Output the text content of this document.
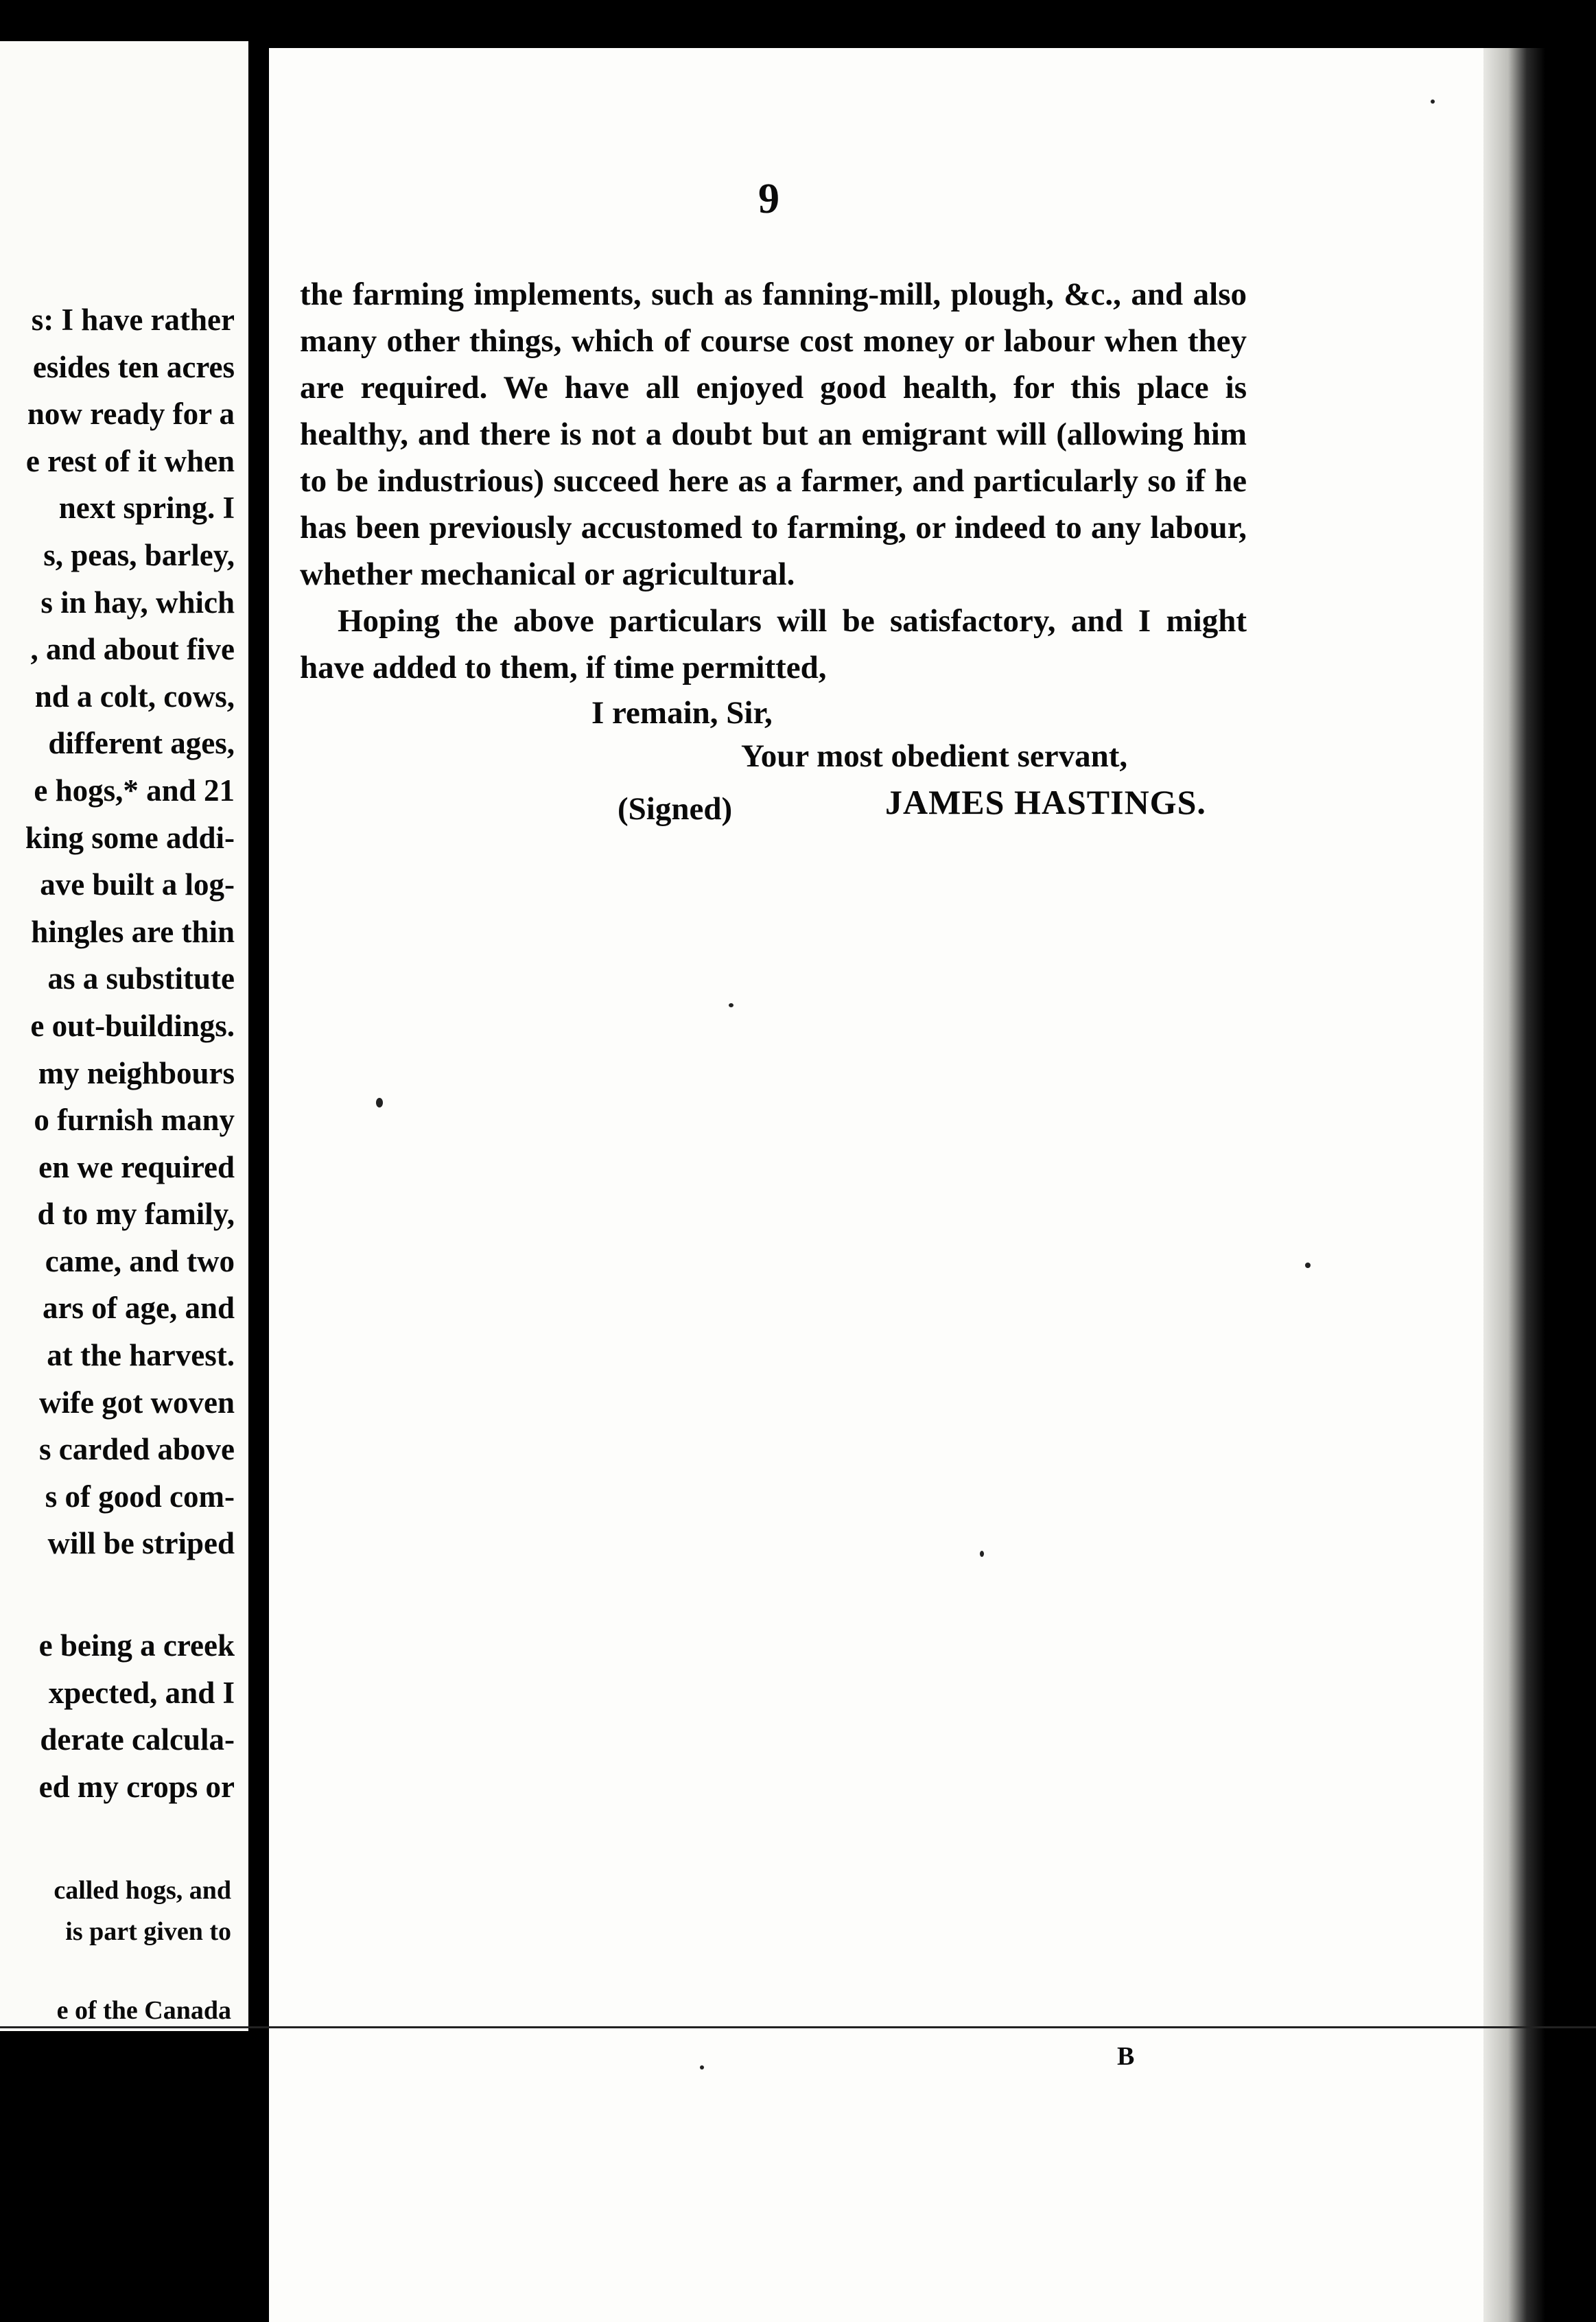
s: I have rather
esides ten acres
now ready for a
e rest of it when
next spring. I
s, peas, barley,
s in hay, which
, and about five
nd a colt, cows,
different ages,
e hogs,* and 21
king some addi-
ave built a log-
hingles are thin
as a substitute
e out-buildings.
my neighbours
o furnish many
en we required
d to my family,
came, and two
ars of age, and
at the harvest.
wife got woven
s carded above
s of good com-
will be striped
e being a creek
xpected, and I
derate calcula-
ed my crops or
called hogs, and
is part given to
e of the Canada
9

the farming implements, such as fanning-mill, plough, &c., and also many other things, which of course cost money or labour when they are required. We have all enjoyed good health, for this place is healthy, and there is not a doubt but an emigrant will (allowing him to be industrious) succeed here as a farmer, and particularly so if he has been previously accustomed to farming, or indeed to any labour, whether mechanical or agricultural.

Hoping the above particulars will be satisfactory, and I might have added to them, if time permitted,

I remain, Sir,
Your most obedient servant,
(Signed)	JAMES HASTINGS.
B
